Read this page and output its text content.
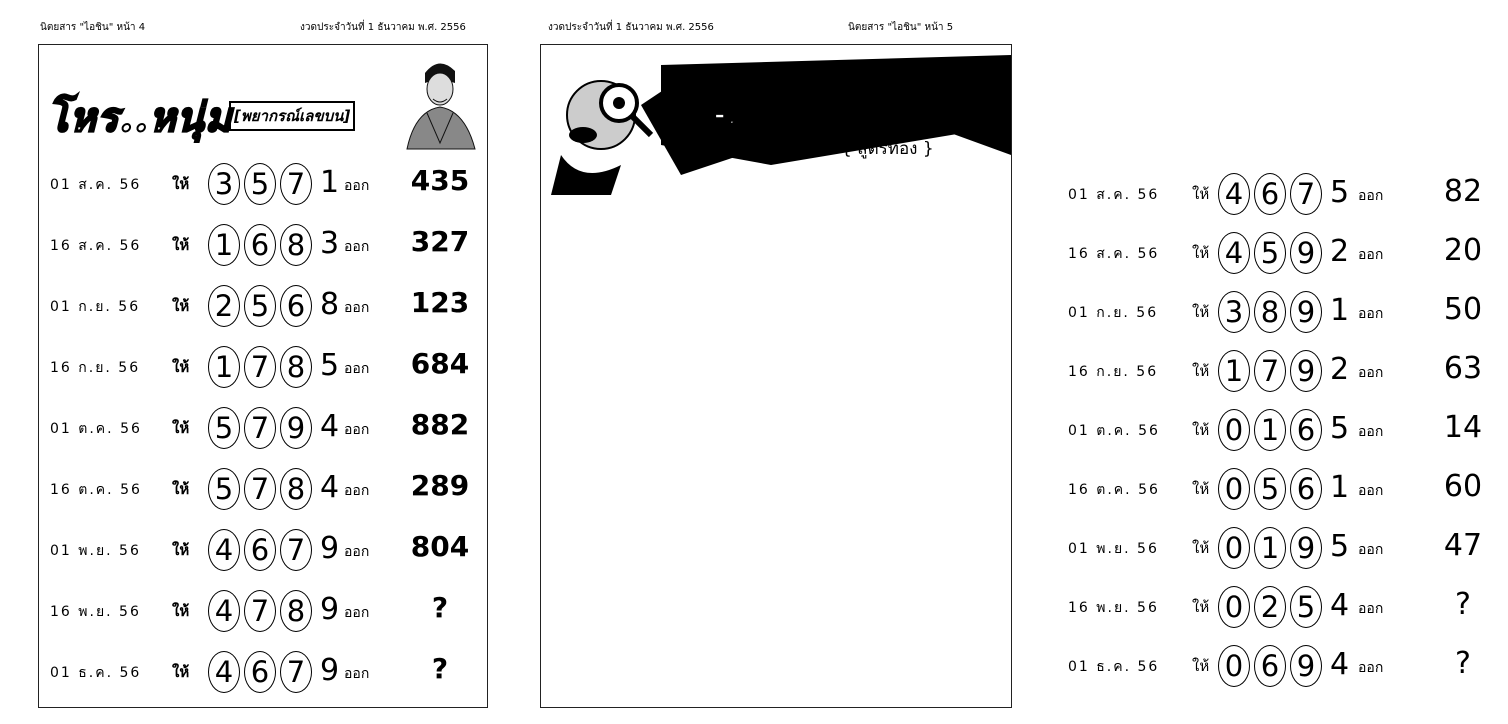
นิตยสาร "ไอชิน" หน้า 4	งวดประจำวันที่ 1 ธันวาคม พ.ศ. 2556
โหร..หนุ่ม [พยากรณ์เลขบน]
01 ส.ค. 56 ให้ 3 5 7 1 ออก 435
16 ส.ค. 56 ให้ 1 6 8 3 ออก 327
01 ก.ย. 56 ให้ 2 5 6 8 ออก 123
16 ก.ย. 56 ให้ 1 7 8 5 ออก 684
01 ต.ค. 56 ให้ 5 7 9 4 ออก 882
16 ต.ค. 56 ให้ 5 7 8 4 ออก 289
01 พ.ย. 56 ให้ 4 6 7 9 ออก 804
16 พ.ย. 56 ให้ 4 7 8 9 ออก	?
01 ธ.ค. 56 ให้ 4 6 7 9 ออก	?
งวดประจำวันที่ 1 ธันวาคม พ.ศ. 2556	นิตยสาร "ไอชิน" หน้า 5
สิบ-หน่วย ล่าง
{ สูตรทอง }
01 ส.ค. 56 ให้ 4 6 7 5 ออก	82
16 ส.ค. 56 ให้ 4 5 9 2 ออก	20
01 ก.ย. 56 ให้ 3 8 9 1 ออก	50
16 ก.ย. 56 ให้ 1 7 9 2 ออก	63
01 ต.ค. 56 ให้ 0 1 6 5 ออก	14
16 ต.ค. 56 ให้ 0 5 6 1 ออก	60
01 พ.ย. 56 ให้ 0 1 9 5 ออก	47
16 พ.ย. 56 ให้ 0 2 5 4 ออก	?
01 ธ.ค. 56 ให้ 0 6 9 4 ออก	?
